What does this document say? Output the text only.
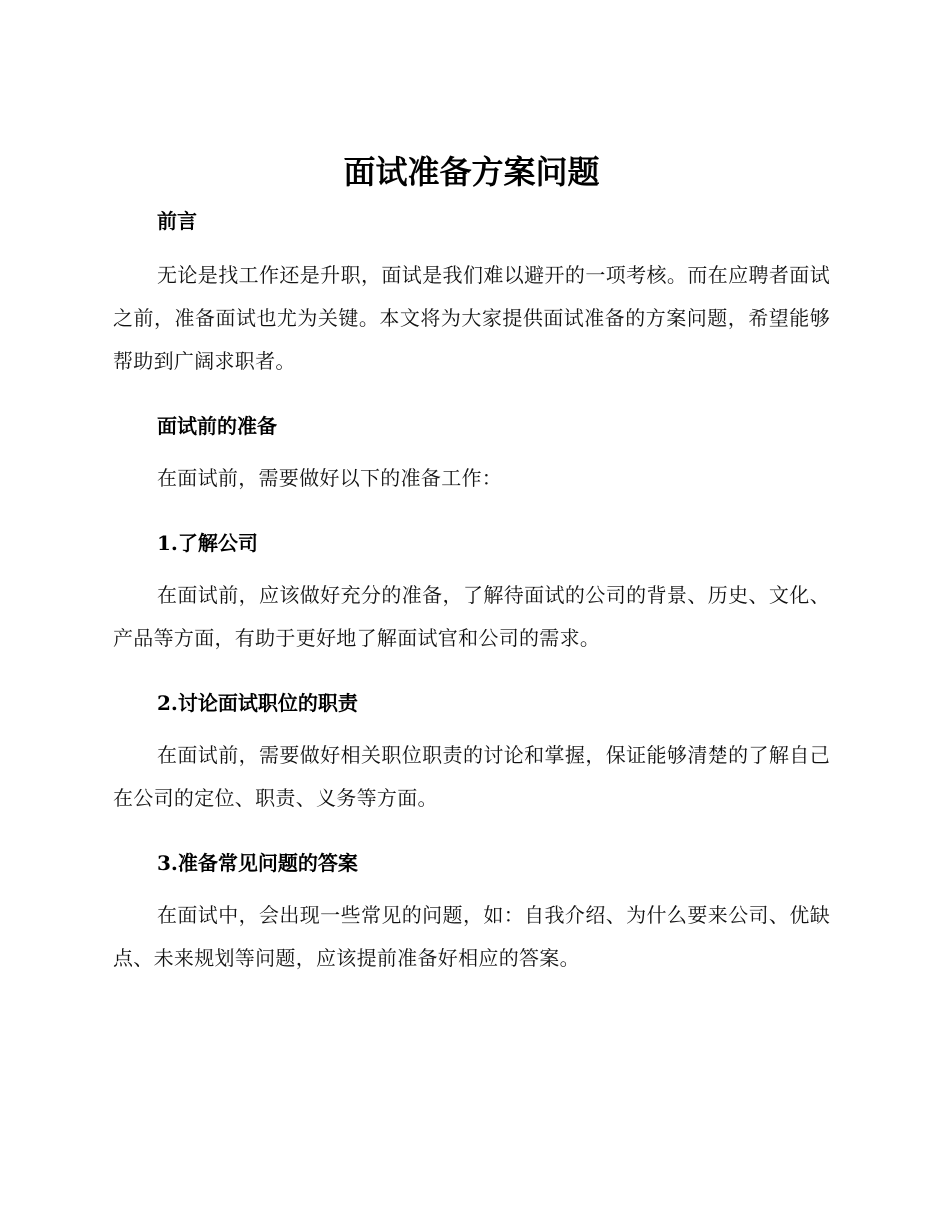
面试准备方案问题
前言

无论是找工作还是升职，面试是我们难以避开的一项考核。而在应聘者面试之前，准备面试也尤为关键。本文将为大家提供面试准备的方案问题，希望能够帮助到广阔求职者。

面试前的准备

在面试前，需要做好以下的准备工作：

1.了解公司

在面试前，应该做好充分的准备，了解待面试的公司的背景、历史、文化、产品等方面，有助于更好地了解面试官和公司的需求。

2.讨论面试职位的职责

在面试前，需要做好相关职位职责的讨论和掌握，保证能够清楚的了解自己在公司的定位、职责、义务等方面。

3.准备常见问题的答案

在面试中，会出现一些常见的问题，如：自我介绍、为什么要来公司、优缺点、未来规划等问题，应该提前准备好相应的答案。
